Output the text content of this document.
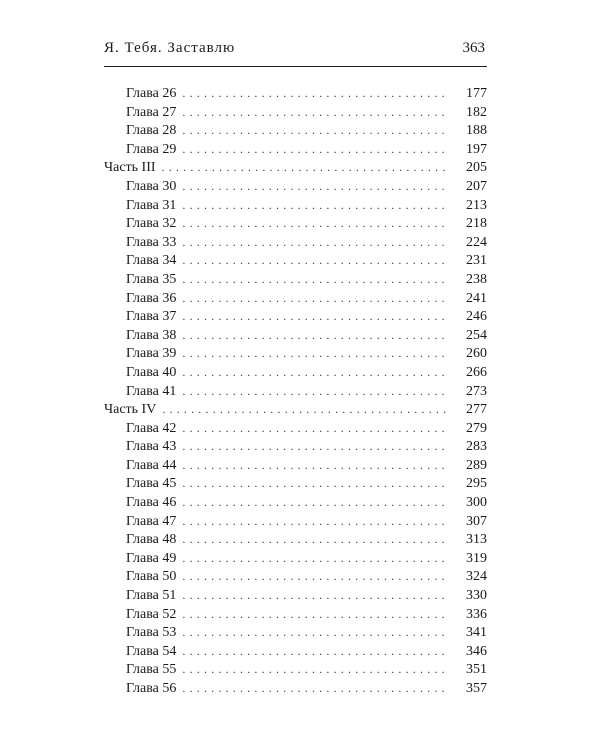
Я. Тебя. Заставлю	363
Глава 26 . . .	177
Глава 27 . . .	182
Глава 28 . . .	188
Глава 29 . . .	197
Часть III . . .	205
Глава 30 . . .	207
Глава 31 . . .	213
Глава 32 . . .	218
Глава 33 . . .	224
Глава 34 . . .	231
Глава 35 . . .	238
Глава 36 . . .	241
Глава 37 . . .	246
Глава 38 . . .	254
Глава 39 . . .	260
Глава 40 . . .	266
Глава 41 . . .	273
Часть IV . . .	277
Глава 42 . . .	279
Глава 43 . . .	283
Глава 44 . . .	289
Глава 45 . . .	295
Глава 46 . . .	300
Глава 47 . . .	307
Глава 48 . . .	313
Глава 49 . . .	319
Глава 50 . . .	324
Глава 51 . . .	330
Глава 52 . . .	336
Глава 53 . . .	341
Глава 54 . . .	346
Глава 55 . . .	351
Глава 56 . . .	357
